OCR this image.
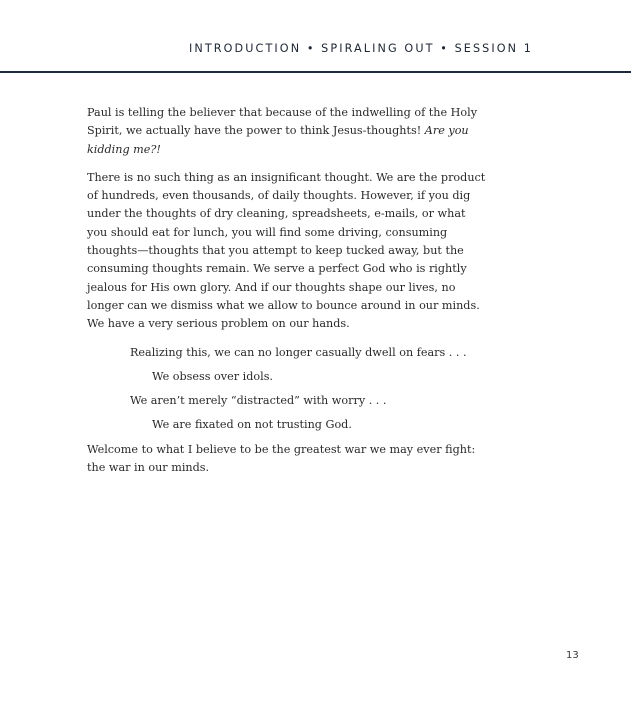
INTRODUCTION • SPIRALING OUT • SESSION 1

Paul is telling the believer that because of the indwelling of the Holy Spirit, we actually have the power to think Jesus-thoughts! Are you kidding me?!

There is no such thing as an insignificant thought. We are the product of hundreds, even thousands, of daily thoughts. However, if you dig under the thoughts of dry cleaning, spreadsheets, e-mails, or what you should eat for lunch, you will find some driving, consuming thoughts—thoughts that you attempt to keep tucked away, but the consuming thoughts remain. We serve a perfect God who is rightly jealous for His own glory. And if our thoughts shape our lives, no longer can we dismiss what we allow to bounce around in our minds. We have a very serious problem on our hands.

Realizing this, we can no longer casually dwell on fears . . .

We obsess over idols.

We aren’t merely “distracted” with worry . . .

We are fixated on not trusting God.

Welcome to what I believe to be the greatest war we may ever fight: the war in our minds.

13
